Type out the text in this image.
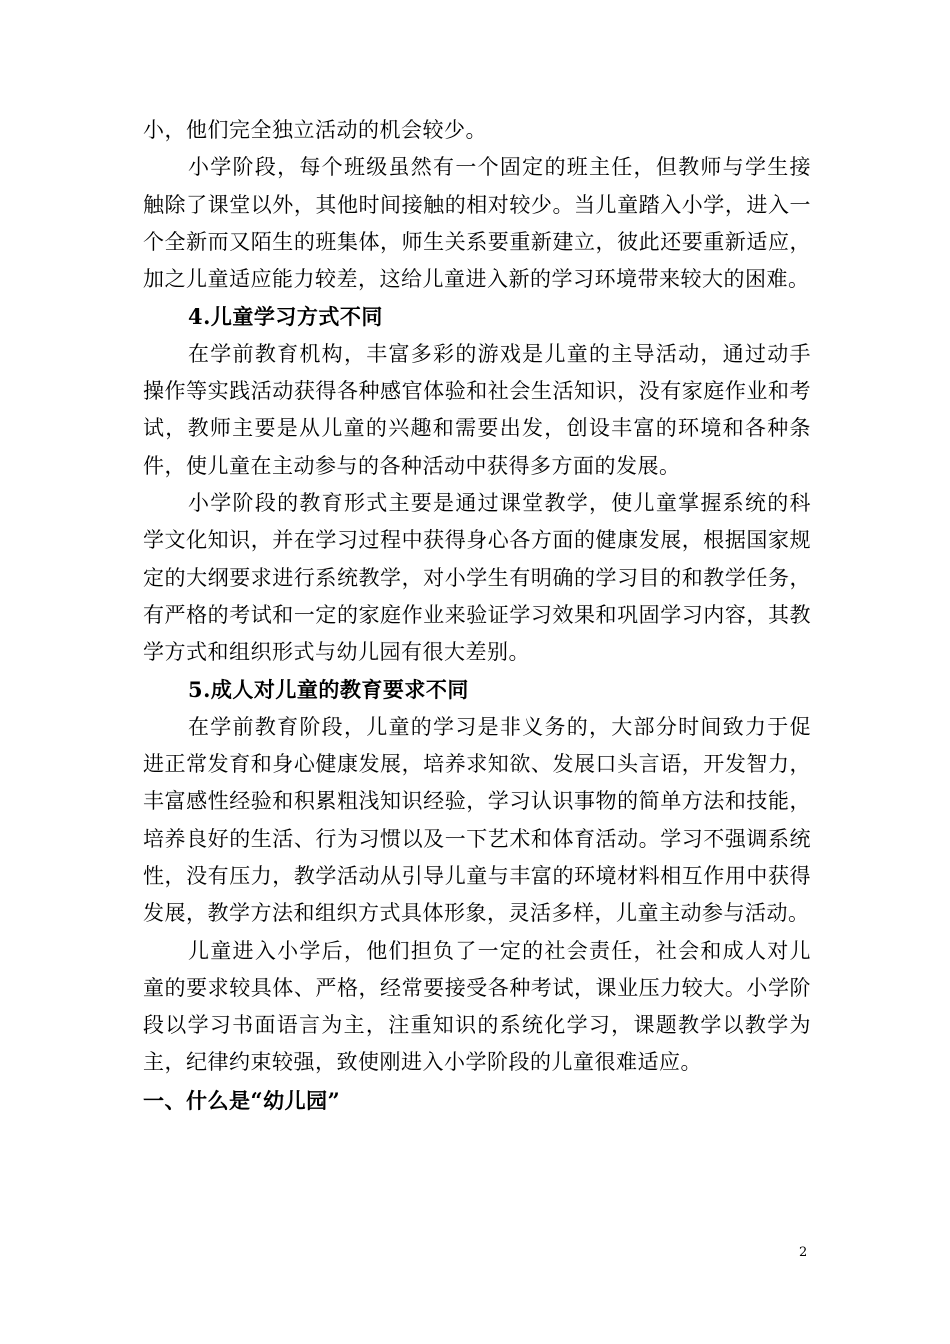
小，他们完全独立活动的机会较少。

小学阶段，每个班级虽然有一个固定的班主任，但教师与学生接触除了课堂以外，其他时间接触的相对较少。当儿童踏入小学，进入一个全新而又陌生的班集体，师生关系要重新建立，彼此还要重新适应，加之儿童适应能力较差，这给儿童进入新的学习环境带来较大的困难。

4.儿童学习方式不同

在学前教育机构，丰富多彩的游戏是儿童的主导活动，通过动手操作等实践活动获得各种感官体验和社会生活知识，没有家庭作业和考试，教师主要是从儿童的兴趣和需要出发，创设丰富的环境和各种条件，使儿童在主动参与的各种活动中获得多方面的发展。

小学阶段的教育形式主要是通过课堂教学，使儿童掌握系统的科学文化知识，并在学习过程中获得身心各方面的健康发展，根据国家规定的大纲要求进行系统教学，对小学生有明确的学习目的和教学任务，有严格的考试和一定的家庭作业来验证学习效果和巩固学习内容，其教学方式和组织形式与幼儿园有很大差别。

5.成人对儿童的教育要求不同

在学前教育阶段，儿童的学习是非义务的，大部分时间致力于促进正常发育和身心健康发展，培养求知欲、发展口头言语，开发智力，丰富感性经验和积累粗浅知识经验，学习认识事物的简单方法和技能，培养良好的生活、行为习惯以及一下艺术和体育活动。学习不强调系统性，没有压力，教学活动从引导儿童与丰富的环境材料相互作用中获得发展，教学方法和组织方式具体形象，灵活多样，儿童主动参与活动。

儿童进入小学后，他们担负了一定的社会责任，社会和成人对儿童的要求较具体、严格，经常要接受各种考试，课业压力较大。小学阶段以学习书面语言为主，注重知识的系统化学习，课题教学以教学为主，纪律约束较强，致使刚进入小学阶段的儿童很难适应。

一、什么是“幼儿园”

2
